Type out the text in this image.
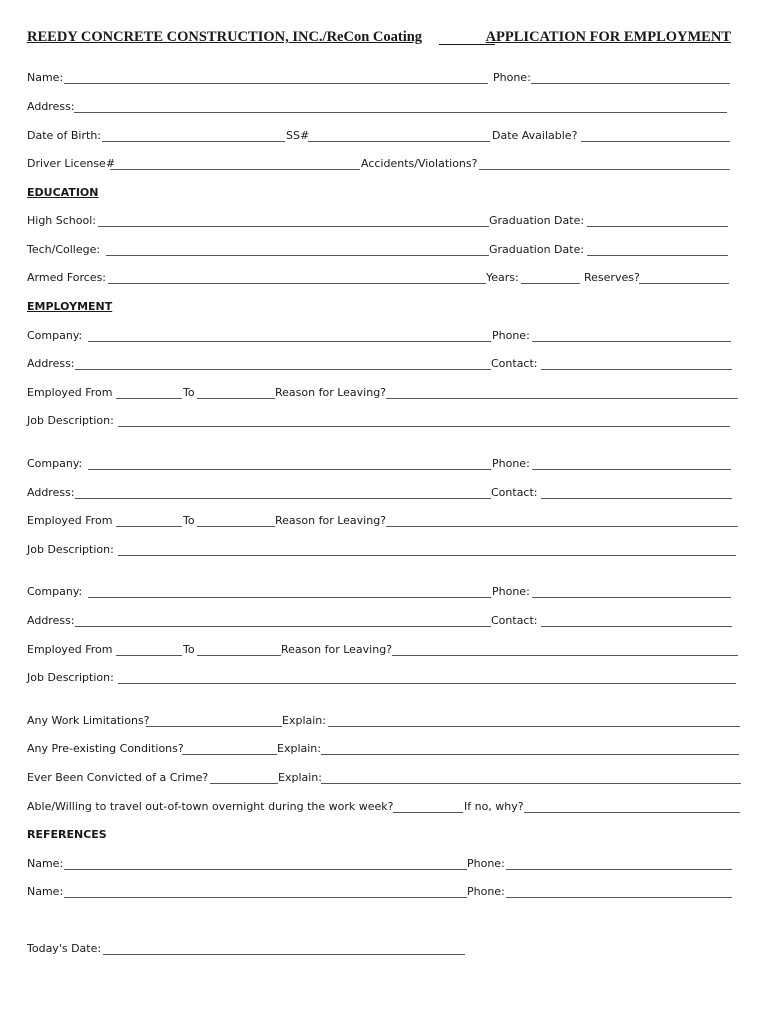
REEDY CONCRETE CONSTRUCTION, INC./ReCon Coating	APPLICATION FOR EMPLOYMENT
Name:	Phone:
Address:
Date of Birth:	SS#	Date Available?
Driver License#	Accidents/Violations?
EDUCATION
High School:	Graduation Date:
Tech/College:	Graduation Date:
Armed Forces:	Years:	Reserves?
EMPLOYMENT
Company:	Phone:
Address:	Contact:
Employed From	To	Reason for Leaving?
Job Description:
Company:	Phone:
Address:	Contact:
Employed From	To	Reason for Leaving?
Job Description:
Company:	Phone:
Address:	Contact:
Employed From	To	Reason for Leaving?
Job Description:
Any Work Limitations?	Explain:
Any Pre-existing Conditions?	Explain:
Ever Been Convicted of a Crime?	Explain:
Able/Willing to travel out-of-town overnight during the work week?	If no, why?
REFERENCES
Name:	Phone:
Name:	Phone:
Today's Date:
